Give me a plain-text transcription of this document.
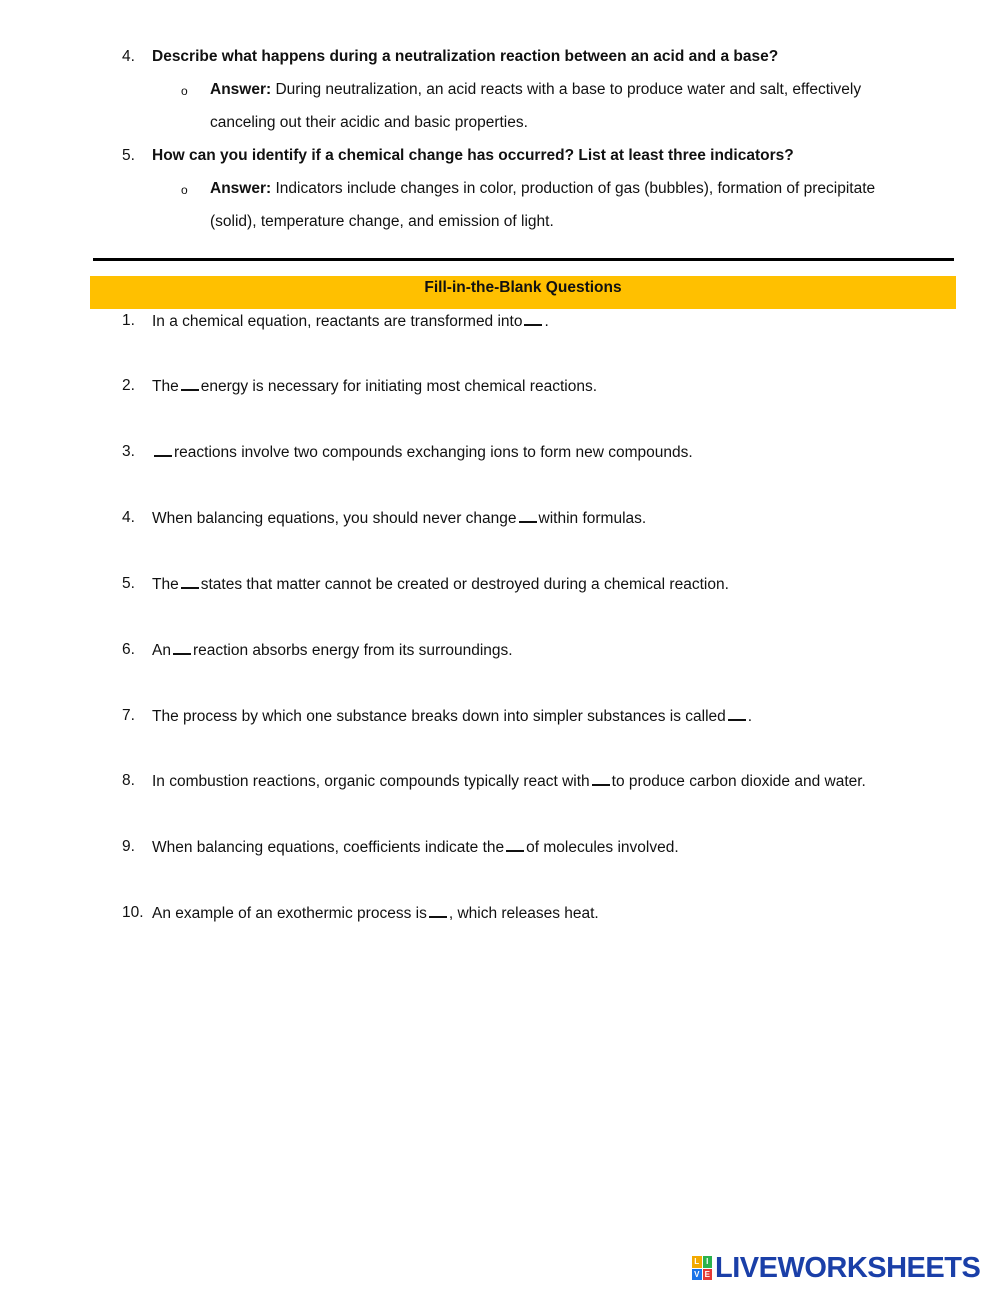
4. Describe what happens during a neutralization reaction between an acid and a base?
o Answer: During neutralization, an acid reacts with a base to produce water and salt, effectively
canceling out their acidic and basic properties.
5. How can you identify if a chemical change has occurred? List at least three indicators?
o Answer: Indicators include changes in color, production of gas (bubbles), formation of precipitate
(solid), temperature change, and emission of light.
Fill-in-the-Blank Questions
1. In a chemical equation, reactants are transformed into .
2. The energy is necessary for initiating most chemical reactions.
3.	reactions involve two compounds exchanging ions to form new compounds.
4. When balancing equations, you should never change within formulas.
5. The states that matter cannot be created or destroyed during a chemical reaction.
6. An reaction absorbs energy from its surroundings.
7. The process by which one substance breaks down into simpler substances is called .
8. In combustion reactions, organic compounds typically react with to produce carbon dioxide and water.
9. When balancing equations, coefficients indicate the of molecules involved.
10. An example of an exothermic process is , which releases heat.
L I
V E LIVEWORKSHEETS
